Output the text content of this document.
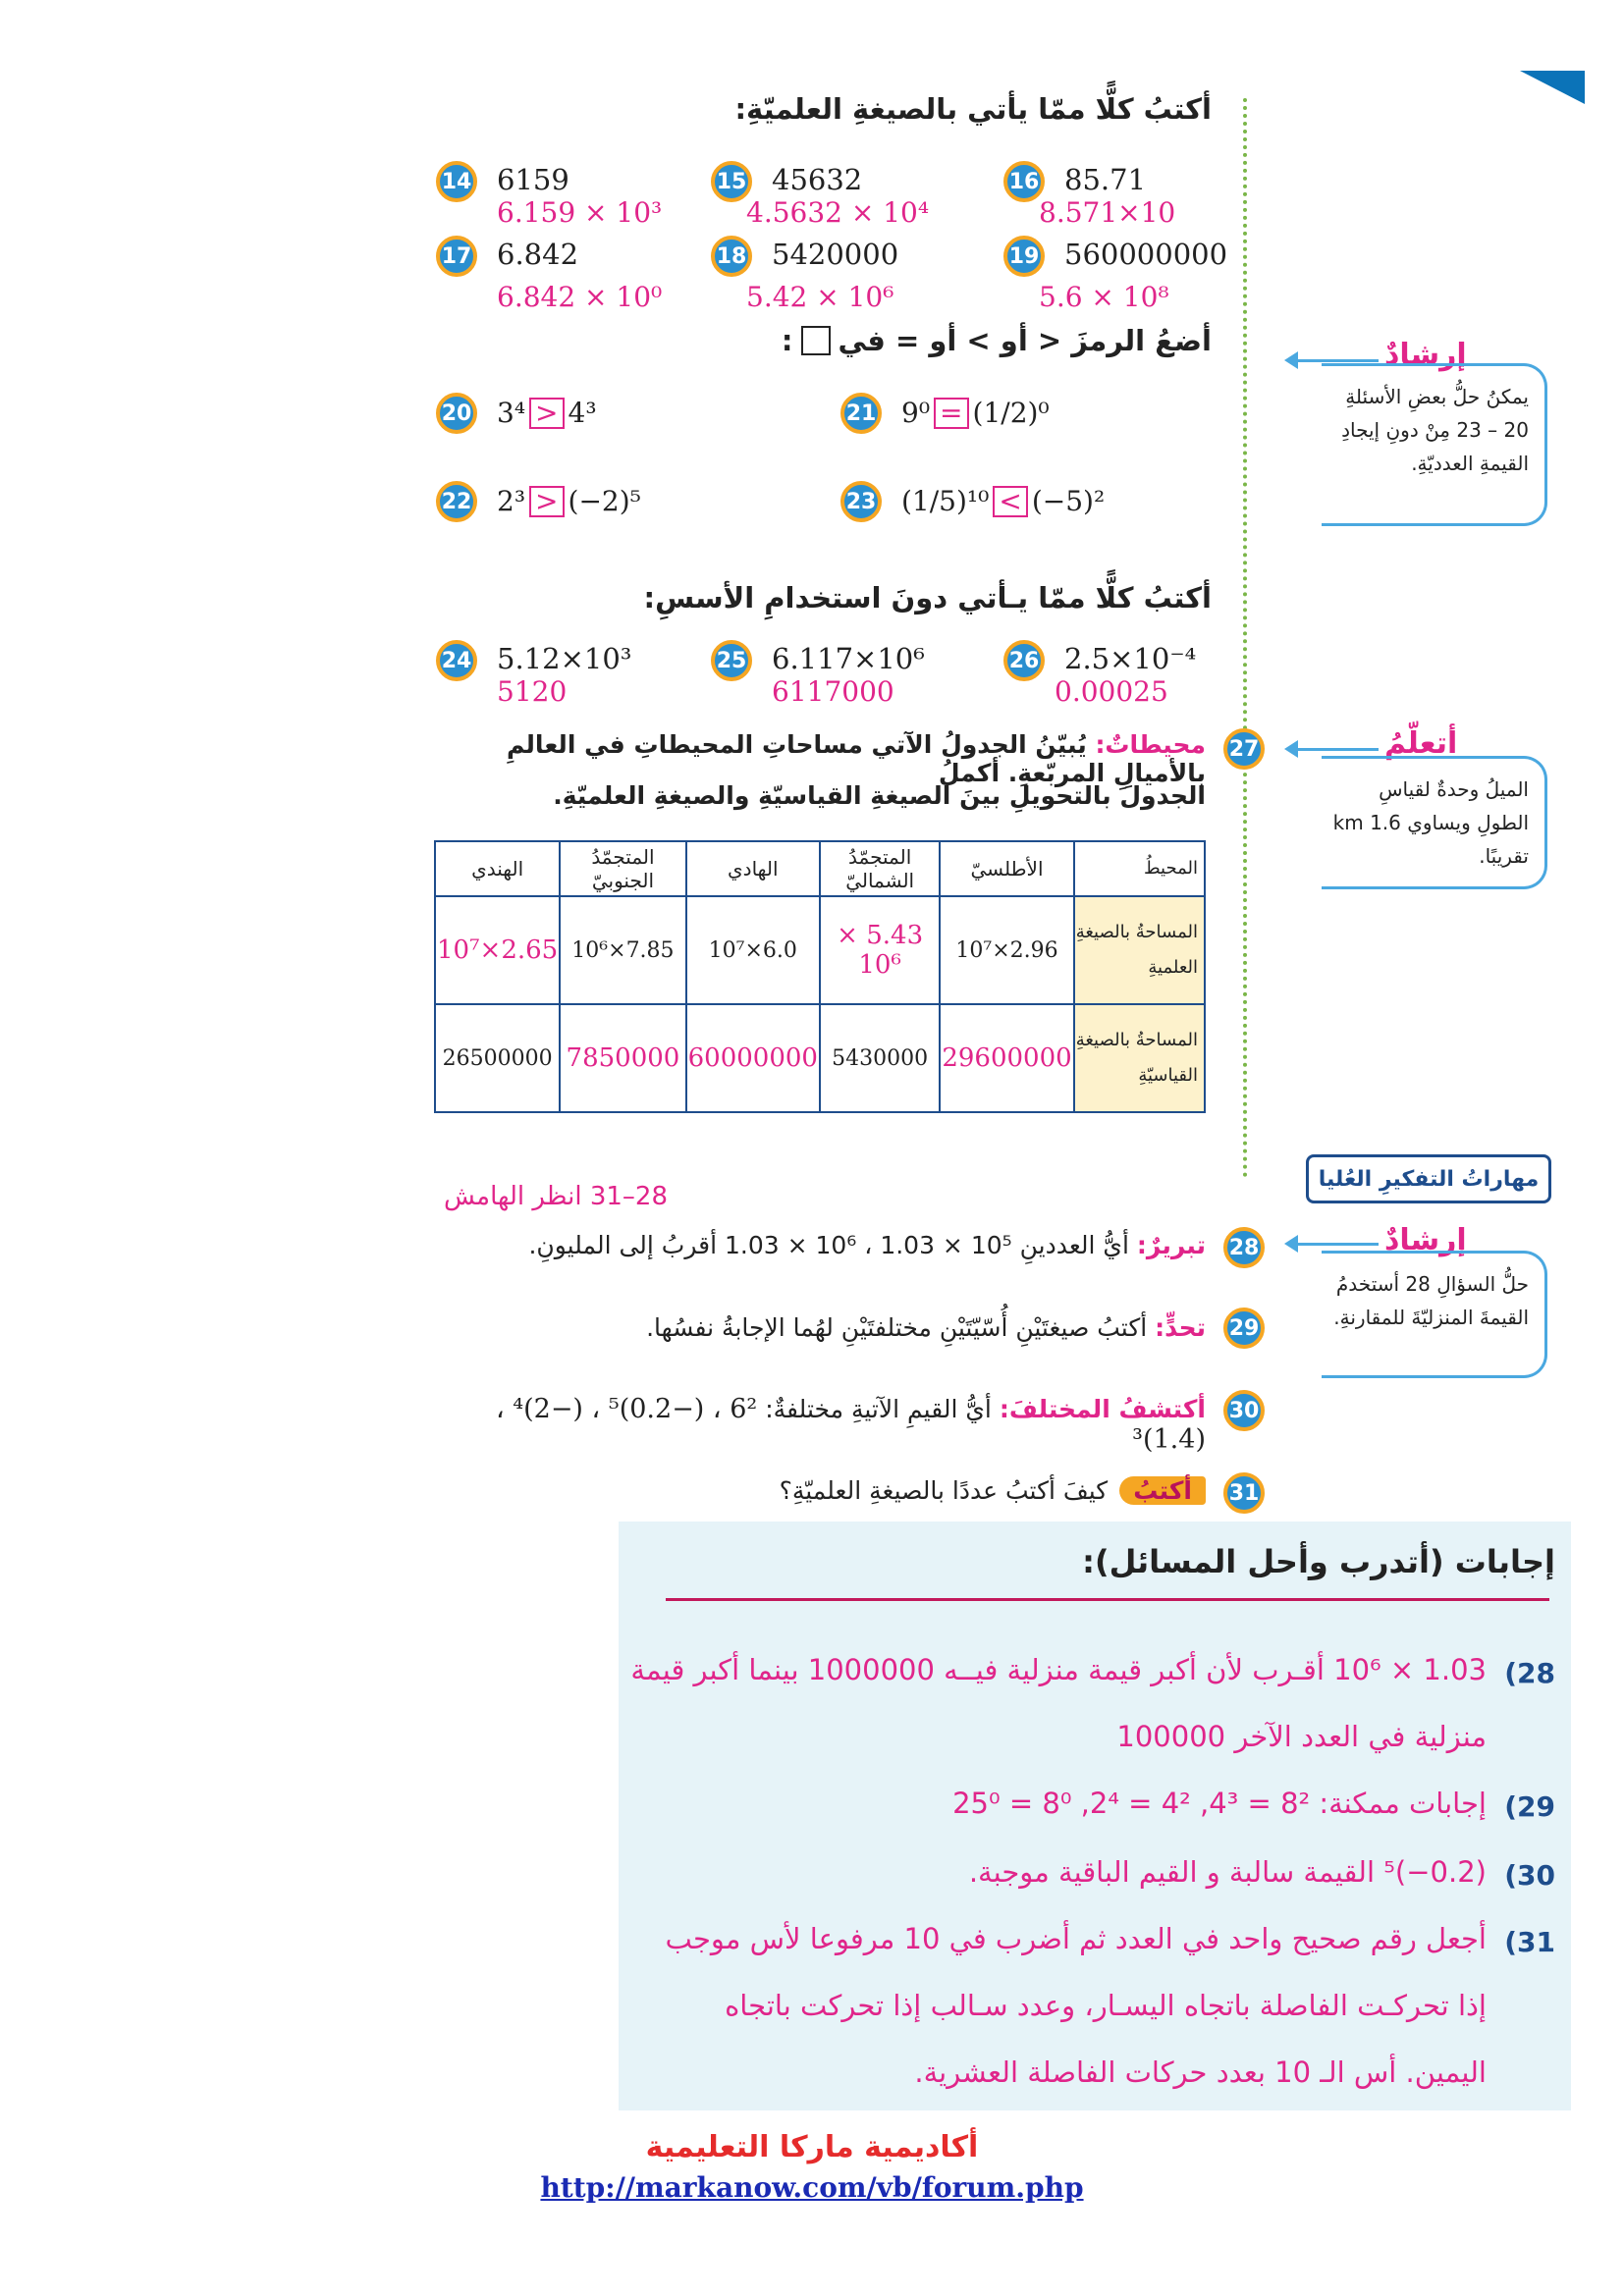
أكتبُ كلًّا ممّا يأتي بالصيغةِ العلميّةِ:
14 6159
6.159 × 10³
15 45632
4.5632 × 10⁴
16 85.71
8.571×10
17 6.842
6.842 × 10⁰
18 5420000
5.42 × 10⁶
19 560000000
5.6 × 10⁸
أضعُ الرمزَ < أو > أو = في
:
20 3⁴ > 4³	21 9⁰ = (1/2)⁰
22 2³ > (−2)⁵	23 (1/5)¹⁰ < (−5)²
أكتبُ كلًّا ممّا يـأتي دونَ استخدامِ الأسسِ:
24 5.12×10³
5120
25 6.117×10⁶
6117000
26 2.5×10⁻⁴
0.00025
27
محيطاتٌ: يُبيّنُ الجدولُ الآتي مساحاتِ المحيطاتِ في العالمِ بالأميالِ المربّعةِ. أكملُ
الجدولَ بالتحويلِ بينَ الصيغةِ القياسيّةِ والصيغةِ العلميّةِ.
المحيطُ	الأطلسيّ	المتجمّدُ الشماليّ	الهادي	المتجمّدُ الجنوبيّ	الهندي
المساحةُ بالصيغةِ العلميةِ	2.96×10⁷	5.43 × 10⁶	6.0×10⁷	7.85×10⁶	2.65×10⁷
المساحةُ بالصيغةِ القياسيّةِ	29600000	5430000	60000000	7850000	26500000
إرشادٌ
يمكنُ حلُّ بعضِ الأسئلةِ 20 – 23 مِنْ دونِ إيجادِ القيمةِ العدديّةِ.
أتعلّمُ
الميلُ وحدةٌ لقياسِ الطولِ ويساوي 1.6 km تقريبًا.
مهاراتُ التفكيرِ العُليا
إرشادٌ
حلُّ السؤالِ 28 أستخدمُ القيمةَ المنزليّةَ للمقارنةِ.
28–31 انظر الهامش
28
تبريرٌ: أيُّ العددينِ 10⁵ × 1.03 ، 10⁶ × 1.03 أقربُ إلى المليونِ.
29
تحدٍّ: أكتبُ صيغتَيْنِ أُسّيّتَيْنِ مختلفتَيْنِ لهُما الإجابةُ نفسُها.
30
أكتشفُ المختلفَ: أيُّ القيمِ الآتيةِ مختلفةٌ: 6² ، (−0.2)⁵ ، (−2)⁴ ، (1.4)³
31
أكتبُ
كيفَ أكتبُ عددًا بالصيغةِ العلميّةِ؟
إجابات (أتدرب وأحل المسائل):
(28
1.03 × 10⁶ أقـرب لأن أكبر قيمة منزلية فيــه 1000000 بينما أكبر قيمة
منزلية في العدد الآخر 100000
(29
إجابات ممكنة: 8² = 4³, 4² = 2⁴, 8⁰ = 25⁰
(30
(0.2−)⁵ القيمة سالبة و القيم الباقية موجبة.
(31
أجعل رقم صحيح واحد في العدد ثم أضرب في 10 مرفوعا لأس موجب
إذا تحركـت الفاصلة باتجاه اليسـار، وعدد سـالب إذا تحركت باتجاه
اليمين. أس الـ 10 بعدد حركات الفاصلة العشرية.
أكاديمية ماركا التعليمية
http://markanow.com/vb/forum.php
